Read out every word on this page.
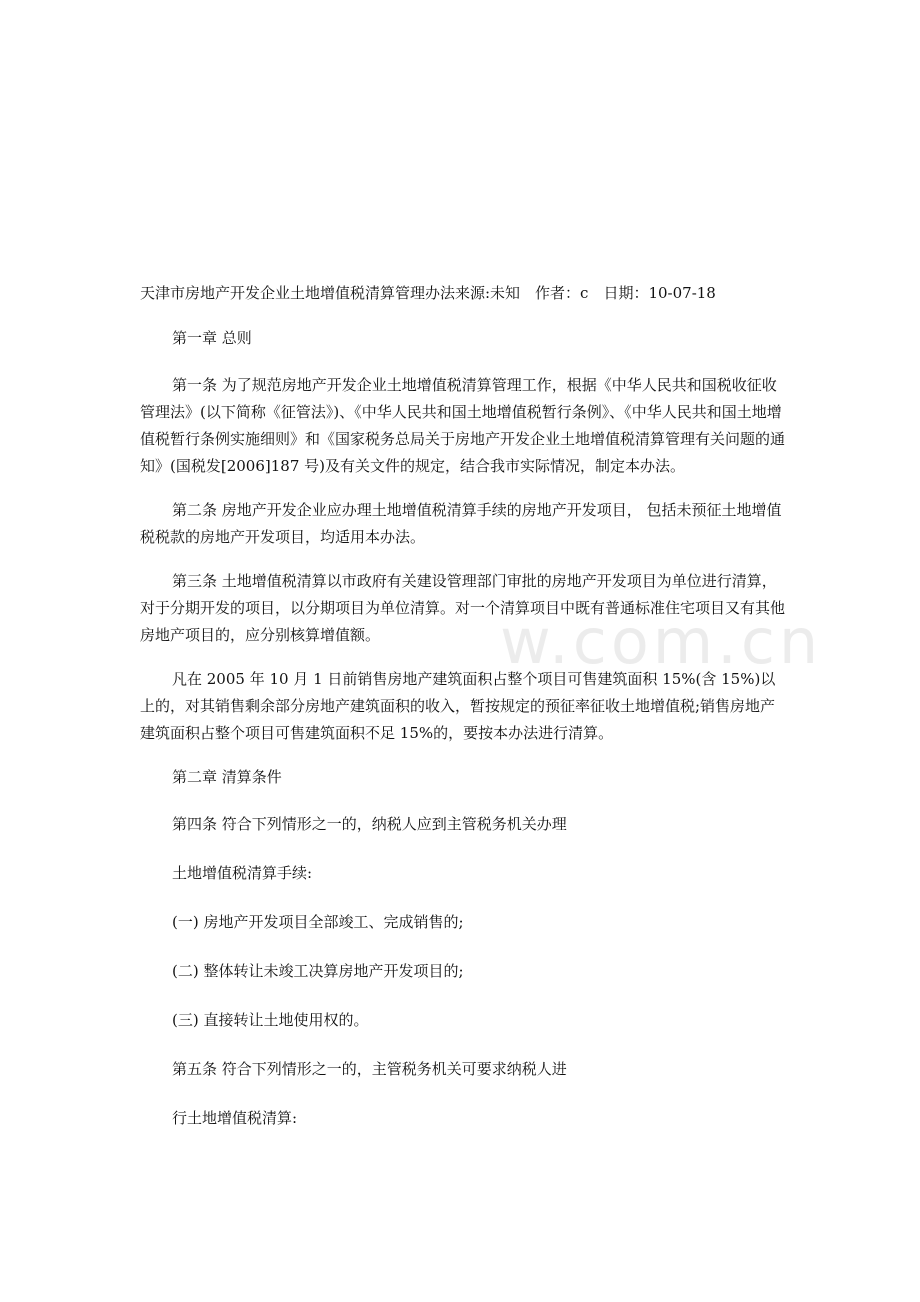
w.com.cn

天津市房地产开发企业土地增值税清算管理办法来源:未知　作者：c　日期：10-07-18

第一章 总则

第一条 为了规范房地产开发企业土地增值税清算管理工作，根据《中华人民共和国税收征收管理法》(以下简称《征管法》)、《中华人民共和国土地增值税暂行条例》、《中华人民共和国土地增值税暂行条例实施细则》和《国家税务总局关于房地产开发企业土地增值税清算管理有关问题的通知》(国税发[2006]187 号)及有关文件的规定，结合我市实际情况，制定本办法。

第二条 房地产开发企业应办理土地增值税清算手续的房地产开发项目， 包括未预征土地增值税税款的房地产开发项目，均适用本办法。

第三条 土地增值税清算以市政府有关建设管理部门审批的房地产开发项目为单位进行清算，对于分期开发的项目，以分期项目为单位清算。对一个清算项目中既有普通标准住宅项目又有其他房地产项目的，应分别核算增值额。

凡在 2005 年 10 月 1 日前销售房地产建筑面积占整个项目可售建筑面积 15%(含 15%)以上的，对其销售剩余部分房地产建筑面积的收入，暂按规定的预征率征收土地增值税;销售房地产建筑面积占整个项目可售建筑面积不足 15%的，要按本办法进行清算。

第二章 清算条件

第四条 符合下列情形之一的，纳税人应到主管税务机关办理

土地增值税清算手续:

(一) 房地产开发项目全部竣工、完成销售的;

(二) 整体转让未竣工决算房地产开发项目的;

(三) 直接转让土地使用权的。

第五条 符合下列情形之一的，主管税务机关可要求纳税人进

行土地增值税清算:
